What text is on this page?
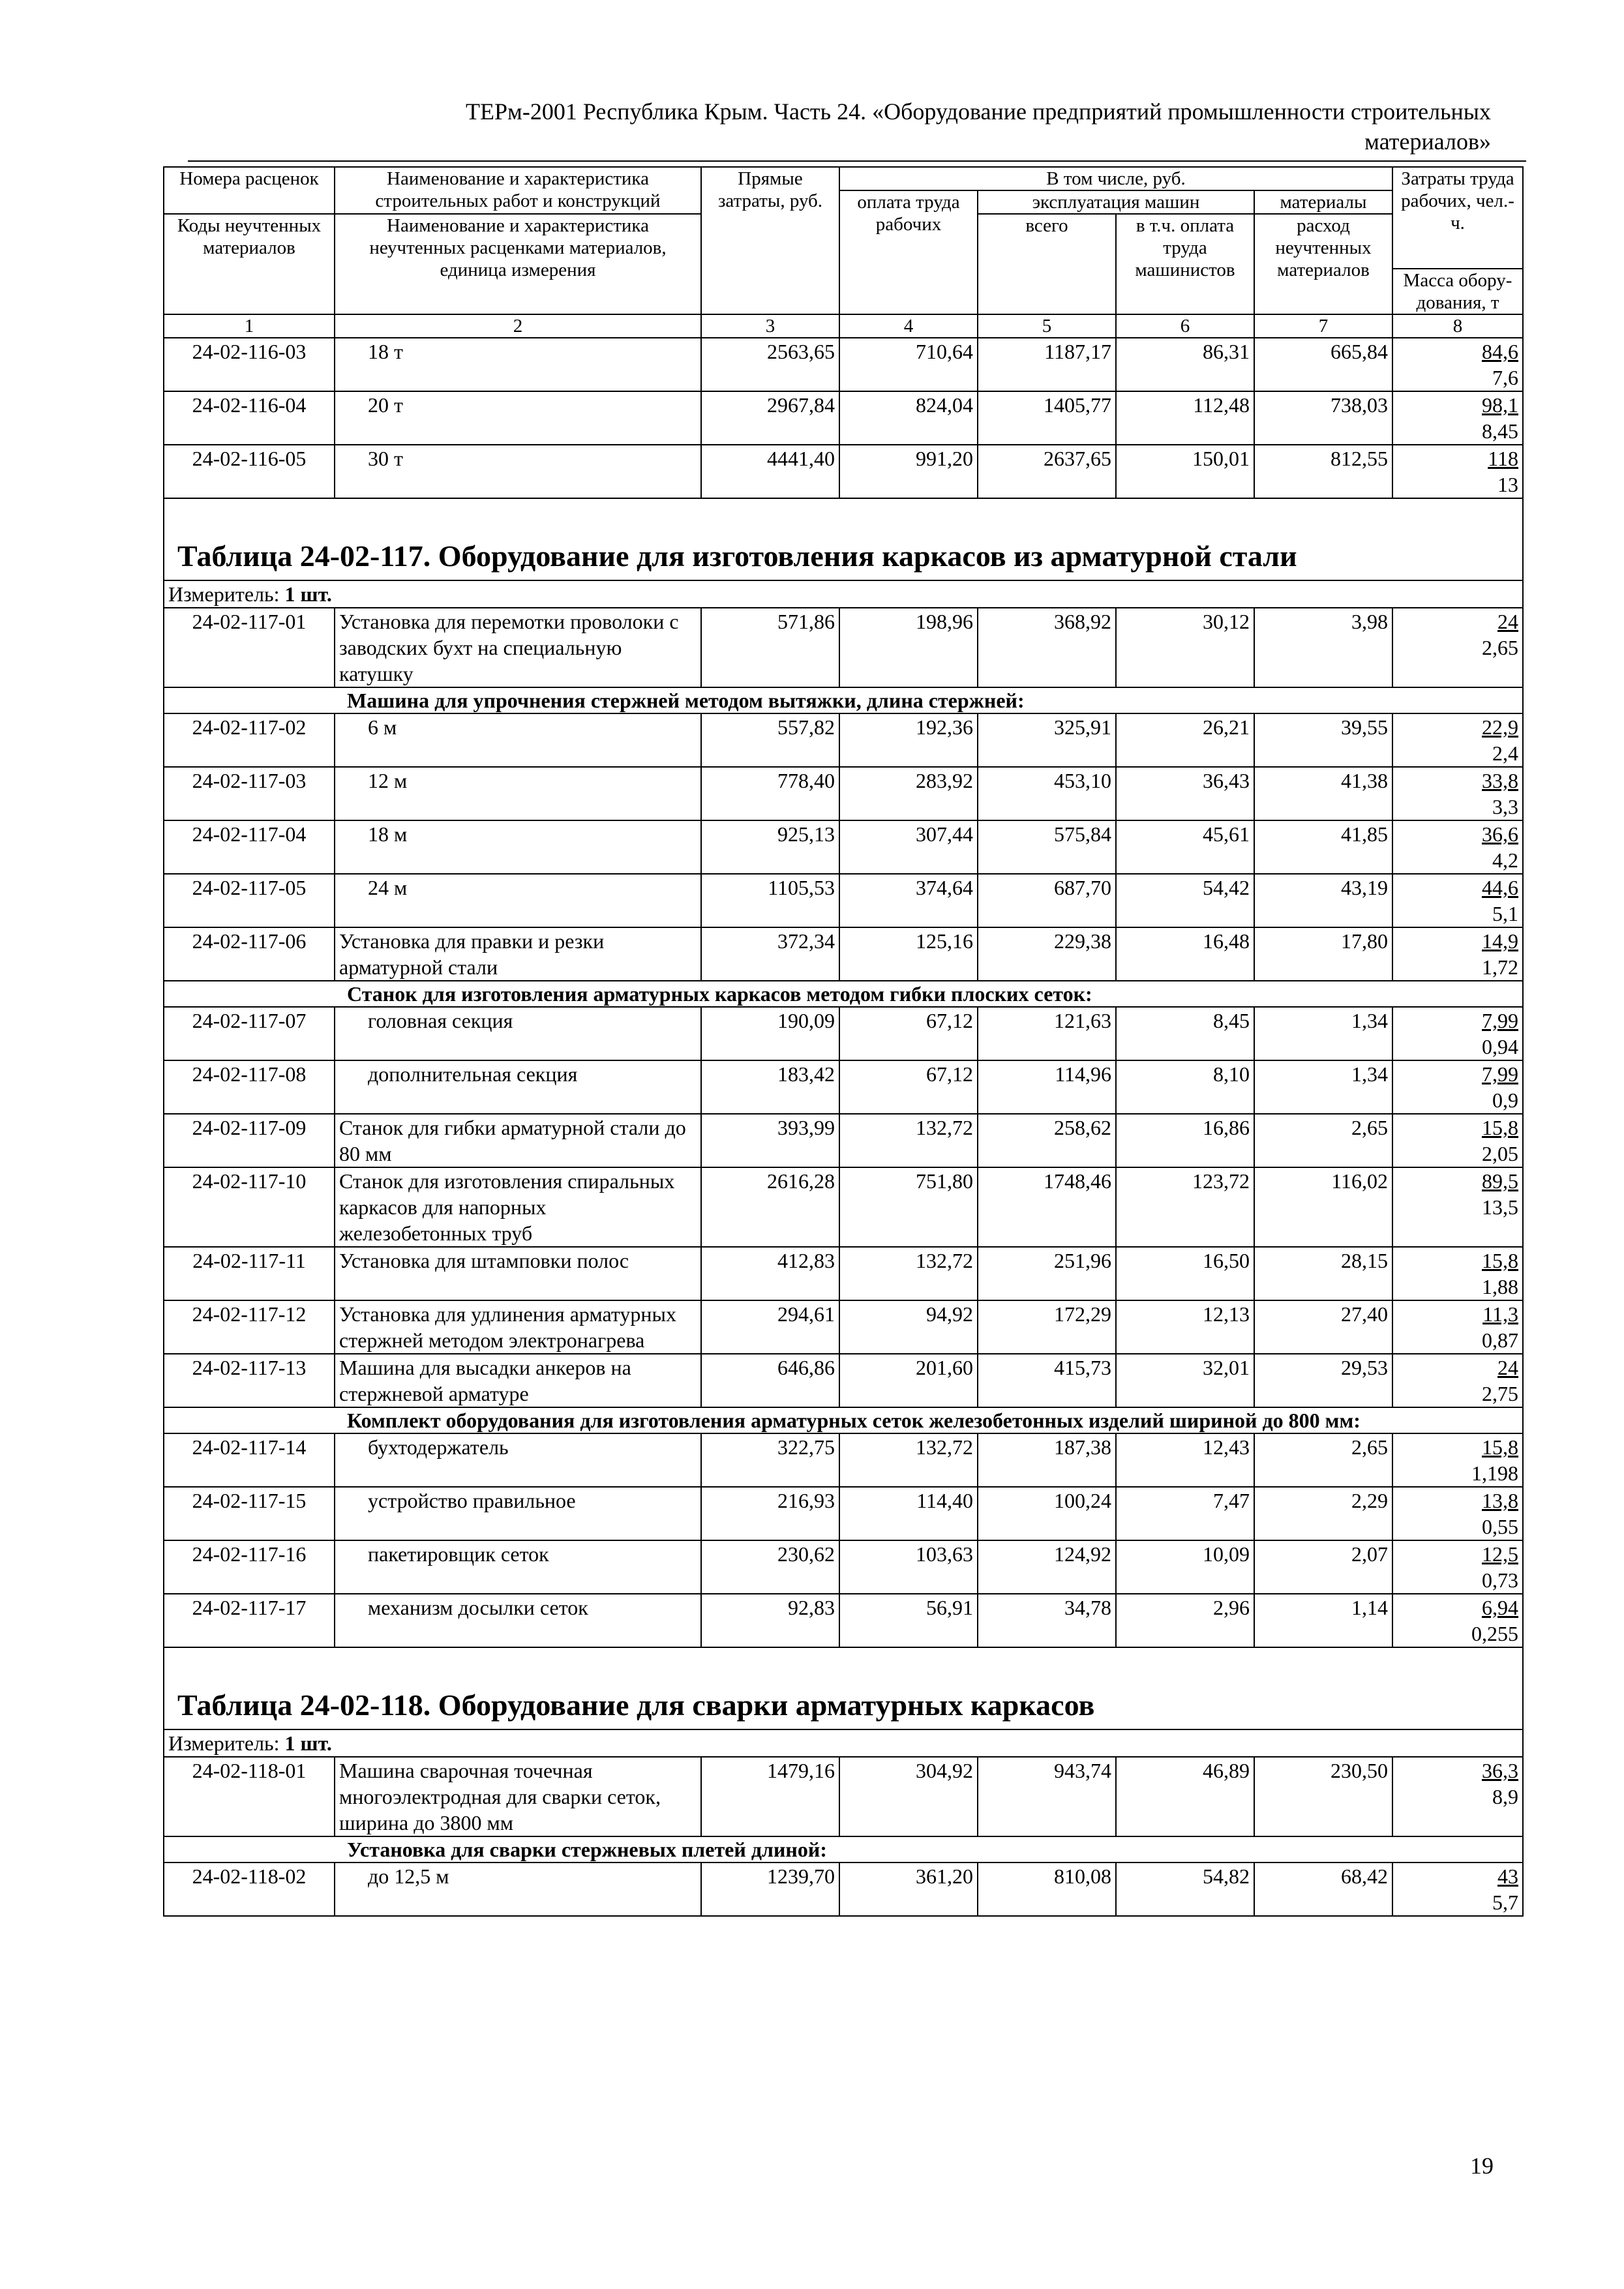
ТЕРм-2001 Республика Крым. Часть 24. «Оборудование предприятий промышленности строительных
материалов»
Номера расценок	Наименование и характеристика строительных работ и конструкций	Прямые затраты, руб.	В том числе, руб.				Затраты труда рабочих, чел.-ч.
			оплата труда рабочих	эксплуатация машин		материалы	
Коды неучтенных материалов	Наименование и характеристика неучтенных расценками материалов, единица измерения			всего	в т.ч. оплата труда машинистов	расход неучтенных материалов	

							Масса обору-дования, т
1	2	3	4	5	6	7	8
24-02-116-03	18 т	2563,65	710,64	1187,17	86,31	665,84	84,6
7,6

24-02-116-04	20 т	2967,84	824,04	1405,77	112,48	738,03	98,1
8,45

24-02-116-05	30 т	4441,40	991,20	2637,65	150,01	812,55	118
13

Таблица 24-02-117. Оборудование для изготовления каркасов из арматурной стали							
Измеритель: 1 шт.							
24-02-117-01	Установка для перемотки проволоки с заводских бухт на специальную катушку	571,86	198,96	368,92	30,12	3,98	24
2,65

Машина для упрочнения стержней методом вытяжки, длина стержней:							
24-02-117-02	6 м	557,82	192,36	325,91	26,21	39,55	22,9
2,4

24-02-117-03	12 м	778,40	283,92	453,10	36,43	41,38	33,8
3,3

24-02-117-04	18 м	925,13	307,44	575,84	45,61	41,85	36,6
4,2

24-02-117-05	24 м	1105,53	374,64	687,70	54,42	43,19	44,6
5,1

24-02-117-06	Установка для правки и резки арматурной стали	372,34	125,16	229,38	16,48	17,80	14,9
1,72

Станок для изготовления арматурных каркасов методом гибки плоских сеток:							
24-02-117-07	головная секция	190,09	67,12	121,63	8,45	1,34	7,99
0,94

24-02-117-08	дополнительная секция	183,42	67,12	114,96	8,10	1,34	7,99
0,9

24-02-117-09	Станок для гибки арматурной стали до 80 мм	393,99	132,72	258,62	16,86	2,65	15,8
2,05

24-02-117-10	Станок для изготовления спиральных каркасов для напорных железобетонных труб	2616,28	751,80	1748,46	123,72	116,02	89,5
13,5

24-02-117-11	Установка для штамповки полос	412,83	132,72	251,96	16,50	28,15	15,8
1,88

24-02-117-12	Установка для удлинения арматурных стержней методом электронагрева	294,61	94,92	172,29	12,13	27,40	11,3
0,87

24-02-117-13	Машина для высадки анкеров на стержневой арматуре	646,86	201,60	415,73	32,01	29,53	24
2,75

Комплект оборудования для изготовления арматурных сеток железобетонных изделий шириной до 800 мм:							
24-02-117-14	бухтодержатель	322,75	132,72	187,38	12,43	2,65	15,8
1,198

24-02-117-15	устройство правильное	216,93	114,40	100,24	7,47	2,29	13,8
0,55

24-02-117-16	пакетировщик сеток	230,62	103,63	124,92	10,09	2,07	12,5
0,73

24-02-117-17	механизм досылки сеток	92,83	56,91	34,78	2,96	1,14	6,94
0,255

Таблица 24-02-118. Оборудование для сварки арматурных каркасов							
Измеритель: 1 шт.							
24-02-118-01	Машина сварочная точечная многоэлектродная для сварки сеток, ширина до 3800 мм	1479,16	304,92	943,74	46,89	230,50	36,3
8,9

Установка для сварки стержневых плетей длиной:							
24-02-118-02	до 12,5 м	1239,70	361,20	810,08	54,82	68,42	43
5,7
19
